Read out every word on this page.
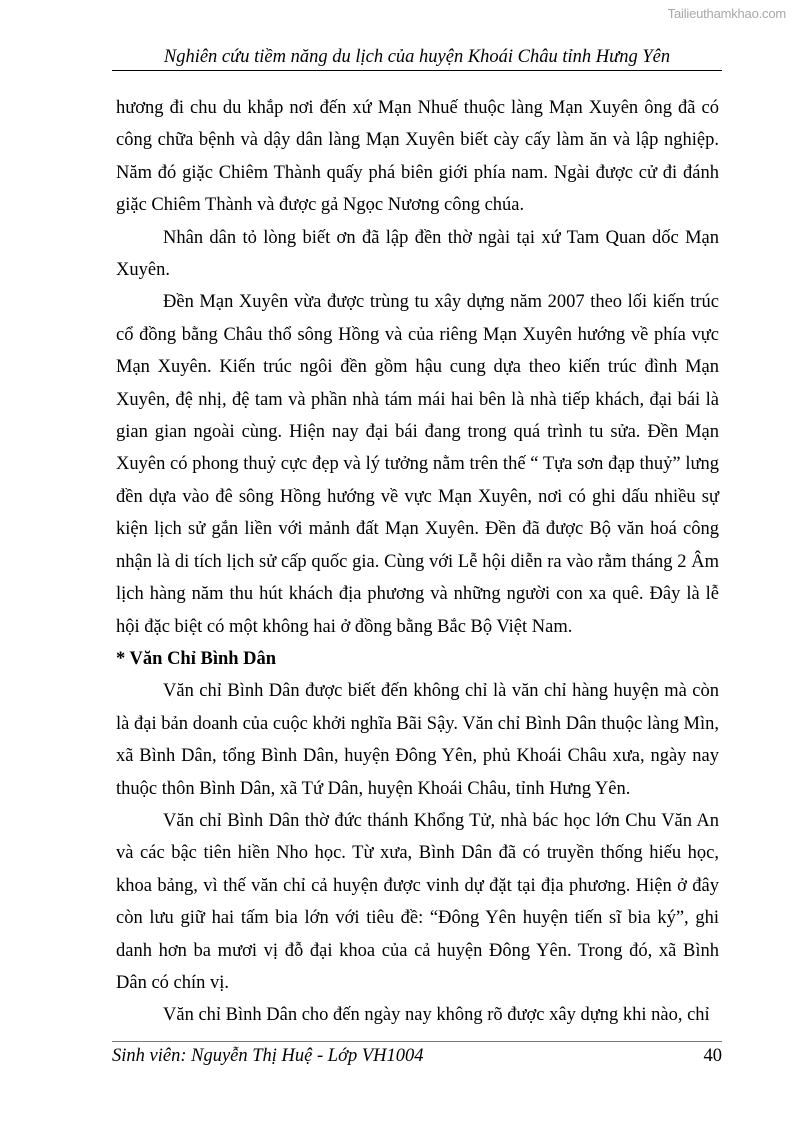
Tailieuthamkhao.com
Nghiên cứu tiềm năng du lịch của huyện Khoái Châu tỉnh Hưng Yên

hương đi chu du khắp nơi đến xứ Mạn Nhuế thuộc làng Mạn Xuyên ông đã có công chữa bệnh và dậy dân làng Mạn Xuyên biết cày cấy làm ăn và lập nghiệp. Năm đó giặc Chiêm Thành quấy phá biên giới phía nam. Ngài được cử đi đánh giặc Chiêm Thành và được gả Ngọc Nương công chúa.

Nhân dân tỏ lòng biết ơn đã lập đền thờ ngài tại xứ Tam Quan dốc Mạn Xuyên.

Đền Mạn Xuyên vừa được trùng tu xây dựng năm 2007 theo lối kiến trúc cổ đồng bằng Châu thổ sông Hồng và của riêng Mạn Xuyên hướng về phía vực Mạn Xuyên. Kiến trúc ngôi đền gồm hậu cung dựa theo kiến trúc đình Mạn Xuyên, đệ nhị, đệ tam và phần nhà tám mái hai bên là nhà tiếp khách, đại bái là gian gian ngoài cùng. Hiện nay đại bái đang trong quá trình tu sửa. Đền Mạn Xuyên có phong thuỷ cực đẹp và lý tưởng nằm trên thế “ Tựa sơn đạp thuỷ” lưng đền dựa vào đê sông Hồng hướng về vực Mạn Xuyên, nơi có ghi dấu nhiều sự kiện lịch sử gắn liền với mảnh đất Mạn Xuyên. Đền đã được Bộ văn hoá công nhận là di tích lịch sử cấp quốc gia. Cùng với Lễ hội diễn ra vào rằm tháng 2 Âm lịch hàng năm thu hút khách địa phương và những người con xa quê. Đây là lễ hội đặc biệt có một không hai ở đồng bằng Bắc Bộ Việt Nam.

* Văn Chỉ Bình Dân

Văn chỉ Bình Dân được biết đến không chỉ là văn chỉ hàng huyện mà còn là đại bản doanh của cuộc khởi nghĩa Bãi Sậy. Văn chỉ Bình Dân thuộc làng Mìn, xã Bình Dân, tổng Bình Dân, huyện Đông Yên, phủ Khoái Châu xưa, ngày nay thuộc thôn Bình Dân, xã Tứ Dân, huyện Khoái Châu, tỉnh Hưng Yên.

Văn chỉ Bình Dân thờ đức thánh Khổng Tử, nhà bác học lớn Chu Văn An và các bậc tiên hiền Nho học. Từ xưa, Bình Dân đã có truyền thống hiếu học, khoa bảng, vì thế văn chỉ cả huyện được vinh dự đặt tại địa phương. Hiện ở đây còn lưu giữ hai tấm bia lớn với tiêu đề: “Đông Yên huyện tiến sĩ bia ký”, ghi danh hơn ba mươi vị đỗ đại khoa của cả huyện Đông Yên. Trong đó, xã Bình Dân có chín vị.

Văn chỉ Bình Dân cho đến ngày nay không rõ được xây dựng khi nào, chỉ

Sinh viên: Nguyễn Thị Huệ - Lớp VH1004	40
